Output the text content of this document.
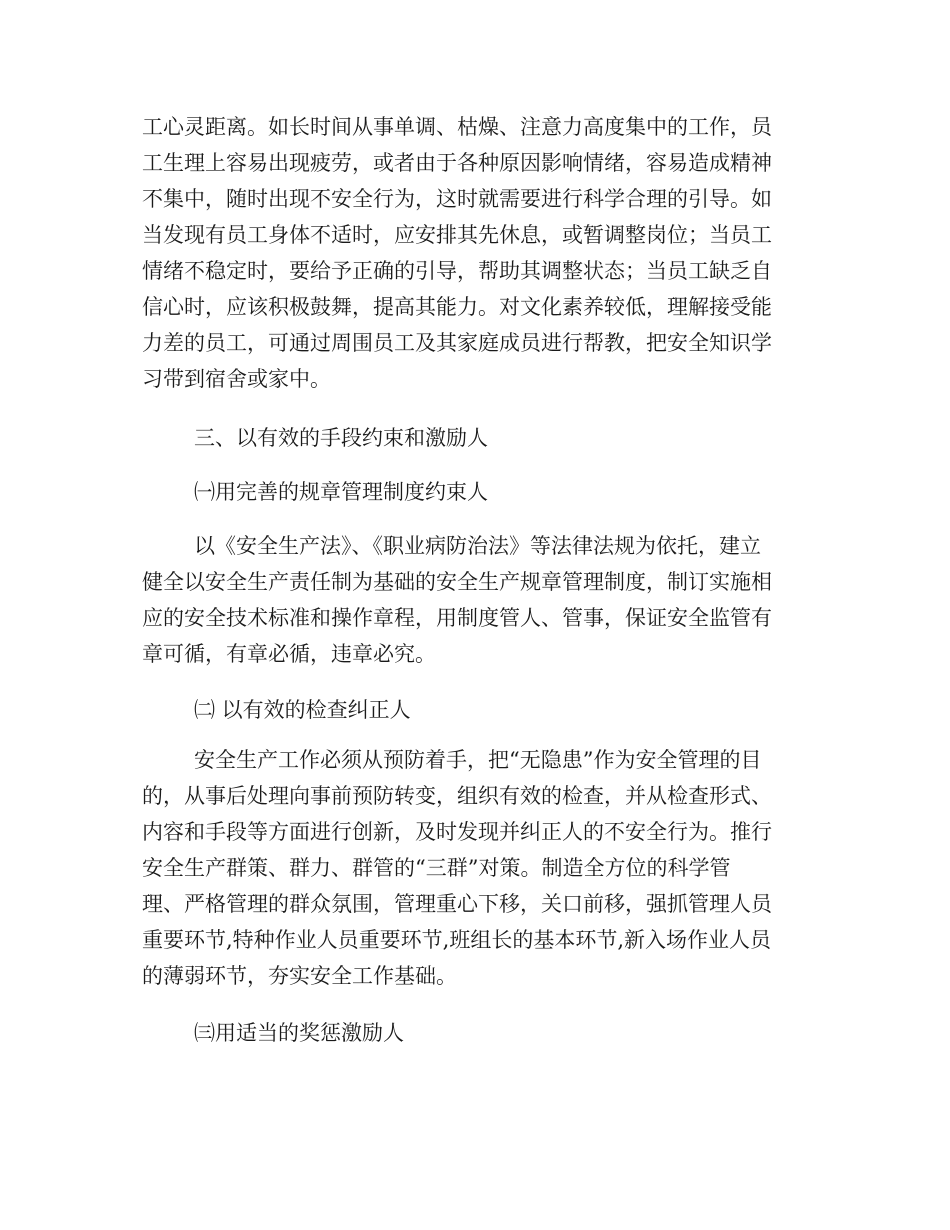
工心灵距离。如长时间从事单调、枯燥、注意力高度集中的工作，员
工生理上容易出现疲劳，或者由于各种原因影响情绪，容易造成精神
不集中，随时出现不安全行为，这时就需要进行科学合理的引导。如
当发现有员工身体不适时，应安排其先休息，或暂调整岗位；当员工
情绪不稳定时，要给予正确的引导，帮助其调整状态；当员工缺乏自
信心时，应该积极鼓舞，提高其能力。对文化素养较低，理解接受能
力差的员工，可通过周围员工及其家庭成员进行帮教，把安全知识学
习带到宿舍或家中。
三、以有效的手段约束和激励人
㈠用完善的规章管理制度约束人
以《安全生产法》、《职业病防治法》等法律法规为依托，建立
健全以安全生产责任制为基础的安全生产规章管理制度，制订实施相
应的安全技术标准和操作章程，用制度管人、管事，保证安全监管有
章可循，有章必循，违章必究。
㈡ 以有效的检查纠正人
安全生产工作必须从预防着手，把“无隐患”作为安全管理的目
的，从事后处理向事前预防转变，组织有效的检查，并从检查形式、
内容和手段等方面进行创新，及时发现并纠正人的不安全行为。推行
安全生产群策、群力、群管的“三群”对策。制造全方位的科学管
理、严格管理的群众氛围，管理重心下移，关口前移，强抓管理人员
重要环节,特种作业人员重要环节,班组长的基本环节,新入场作业人员
的薄弱环节，夯实安全工作基础。
㈢用适当的奖惩激励人
